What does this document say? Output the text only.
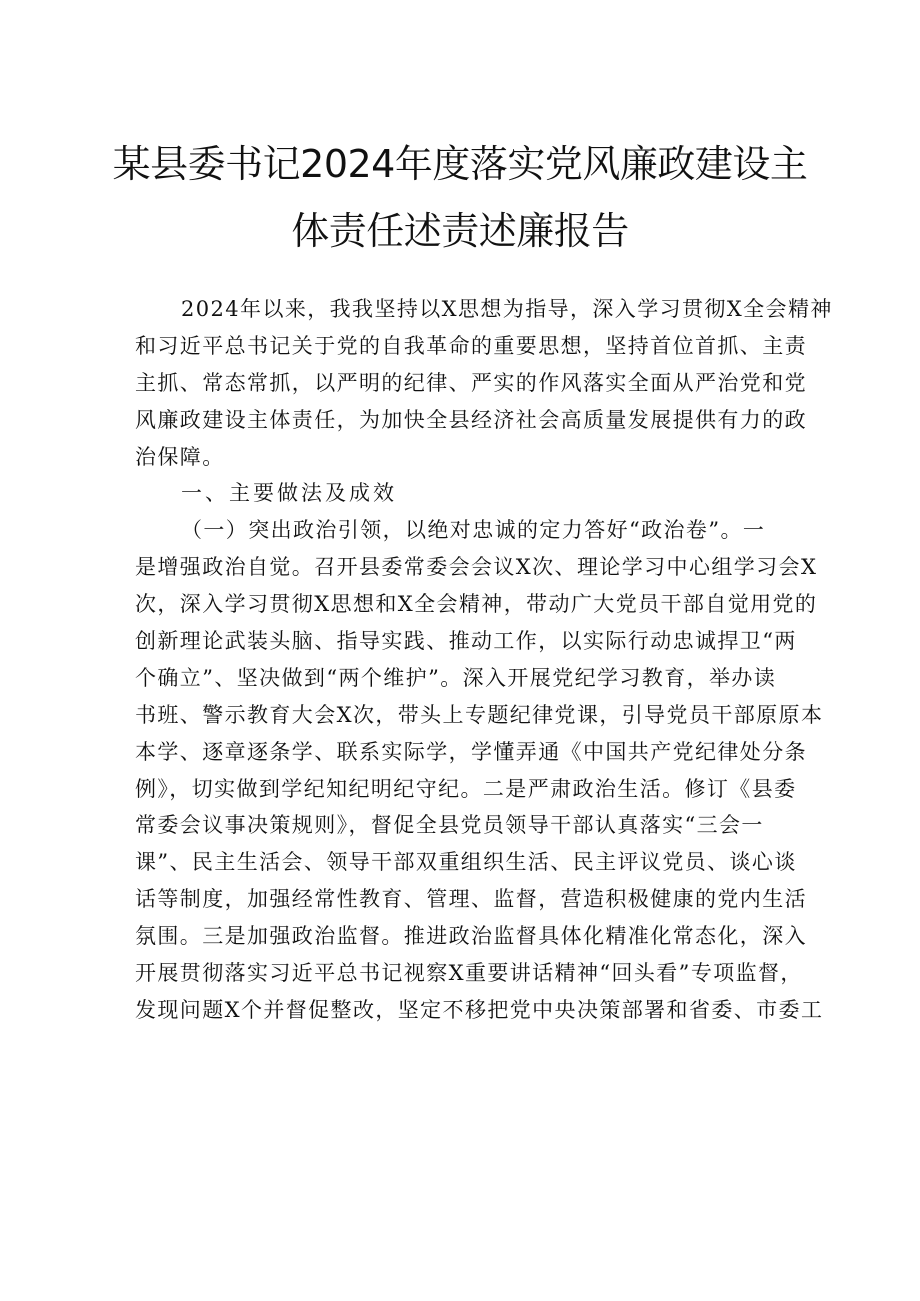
某县委书记2024年度落实党风廉政建设主
体责任述责述廉报告
2024年以来，我我坚持以X思想为指导，深入学习贯彻X全会精神
和习近平总书记关于党的自我革命的重要思想，坚持首位首抓、主责
主抓、常态常抓，以严明的纪律、严实的作风落实全面从严治党和党
风廉政建设主体责任，为加快全县经济社会高质量发展提供有力的政
治保障。
一、主要做法及成效
（一）突出政治引领，以绝对忠诚的定力答好“政治卷”。一
是增强政治自觉。召开县委常委会会议X次、理论学习中心组学习会X
次，深入学习贯彻X思想和X全会精神，带动广大党员干部自觉用党的
创新理论武装头脑、指导实践、推动工作，以实际行动忠诚捍卫“两
个确立”、坚决做到“两个维护”。深入开展党纪学习教育，举办读
书班、警示教育大会X次，带头上专题纪律党课，引导党员干部原原本
本学、逐章逐条学、联系实际学，学懂弄通《中国共产党纪律处分条
例》，切实做到学纪知纪明纪守纪。二是严肃政治生活。修订《县委
常委会议事决策规则》，督促全县党员领导干部认真落实“三会一
课”、民主生活会、领导干部双重组织生活、民主评议党员、谈心谈
话等制度，加强经常性教育、管理、监督，营造积极健康的党内生活
氛围。三是加强政治监督。推进政治监督具体化精准化常态化，深入
开展贯彻落实习近平总书记视察X重要讲话精神“回头看”专项监督，
发现问题X个并督促整改，坚定不移把党中央决策部署和省委、市委工
